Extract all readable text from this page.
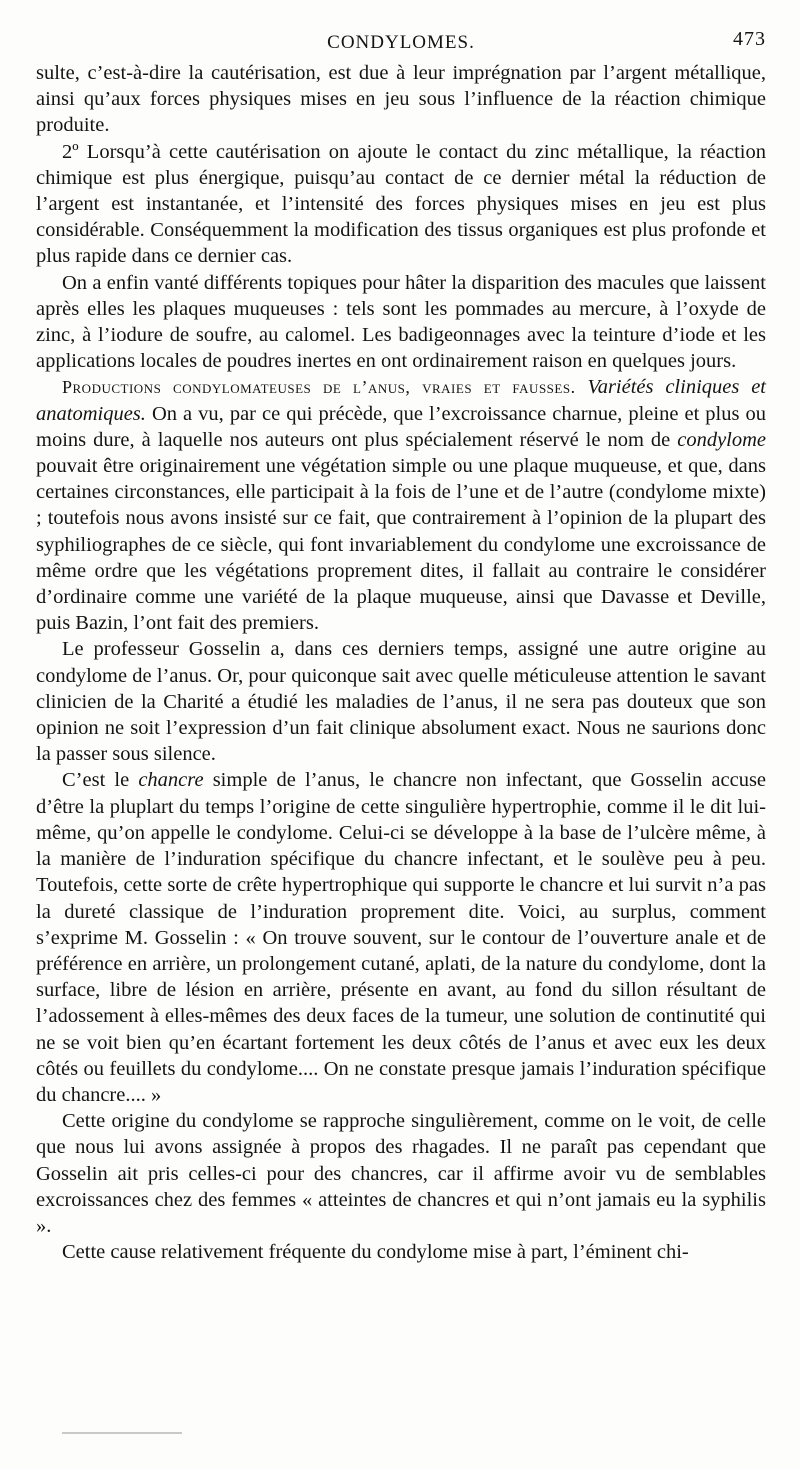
CONDYLOMES.	473

sulte, c’est-à-dire la cautérisation, est due à leur imprégnation par l’argent métallique, ainsi qu’aux forces physiques mises en jeu sous l’influence de la réaction chimique produite.

2º Lorsqu’à cette cautérisation on ajoute le contact du zinc métallique, la réaction chimique est plus énergique, puisqu’au contact de ce dernier métal la réduction de l’argent est instantanée, et l’intensité des forces physiques mises en jeu est plus considérable. Conséquemment la modification des tissus organiques est plus profonde et plus rapide dans ce dernier cas.

On a enfin vanté différents topiques pour hâter la disparition des macules que laissent après elles les plaques muqueuses : tels sont les pommades au mercure, à l’oxyde de zinc, à l’iodure de soufre, au calomel. Les badigeonnages avec la teinture d’iode et les applications locales de poudres inertes en ont ordinairement raison en quelques jours.

Productions condylomateuses de l’anus, vraies et fausses. Variétés cliniques et anatomiques. On a vu, par ce qui précède, que l’excroissance charnue, pleine et plus ou moins dure, à laquelle nos auteurs ont plus spécialement réservé le nom de condylome pouvait être originairement une végétation simple ou une plaque muqueuse, et que, dans certaines circonstances, elle participait à la fois de l’une et de l’autre (condylome mixte) ; toutefois nous avons insisté sur ce fait, que contrairement à l’opinion de la plupart des syphiliographes de ce siècle, qui font invariablement du condylome une excroissance de même ordre que les végétations proprement dites, il fallait au contraire le considérer d’ordinaire comme une variété de la plaque muqueuse, ainsi que Davasse et Deville, puis Bazin, l’ont fait des premiers.

Le professeur Gosselin a, dans ces derniers temps, assigné une autre origine au condylome de l’anus. Or, pour quiconque sait avec quelle méticuleuse attention le savant clinicien de la Charité a étudié les maladies de l’anus, il ne sera pas douteux que son opinion ne soit l’expression d’un fait clinique absolument exact. Nous ne saurions donc la passer sous silence.

C’est le chancre simple de l’anus, le chancre non infectant, que Gosselin accuse d’être la pluplart du temps l’origine de cette singulière hypertrophie, comme il le dit lui-même, qu’on appelle le condylome. Celui-ci se développe à la base de l’ulcère même, à la manière de l’induration spécifique du chancre infectant, et le soulève peu à peu. Toutefois, cette sorte de crête hypertrophique qui supporte le chancre et lui survit n’a pas la dureté classique de l’induration proprement dite. Voici, au surplus, comment s’exprime M. Gosselin : « On trouve souvent, sur le contour de l’ouverture anale et de préférence en arrière, un prolongement cutané, aplati, de la nature du condylome, dont la surface, libre de lésion en arrière, présente en avant, au fond du sillon résultant de l’adossement à elles-mêmes des deux faces de la tumeur, une solution de continutité qui ne se voit bien qu’en écartant fortement les deux côtés de l’anus et avec eux les deux côtés ou feuillets du condylome.... On ne constate presque jamais l’induration spécifique du chancre.... »

Cette origine du condylome se rapproche singulièrement, comme on le voit, de celle que nous lui avons assignée à propos des rhagades. Il ne paraît pas cependant que Gosselin ait pris celles-ci pour des chancres, car il affirme avoir vu de semblables excroissances chez des femmes « atteintes de chancres et qui n’ont jamais eu la syphilis ».

Cette cause relativement fréquente du condylome mise à part, l’éminent chi-
